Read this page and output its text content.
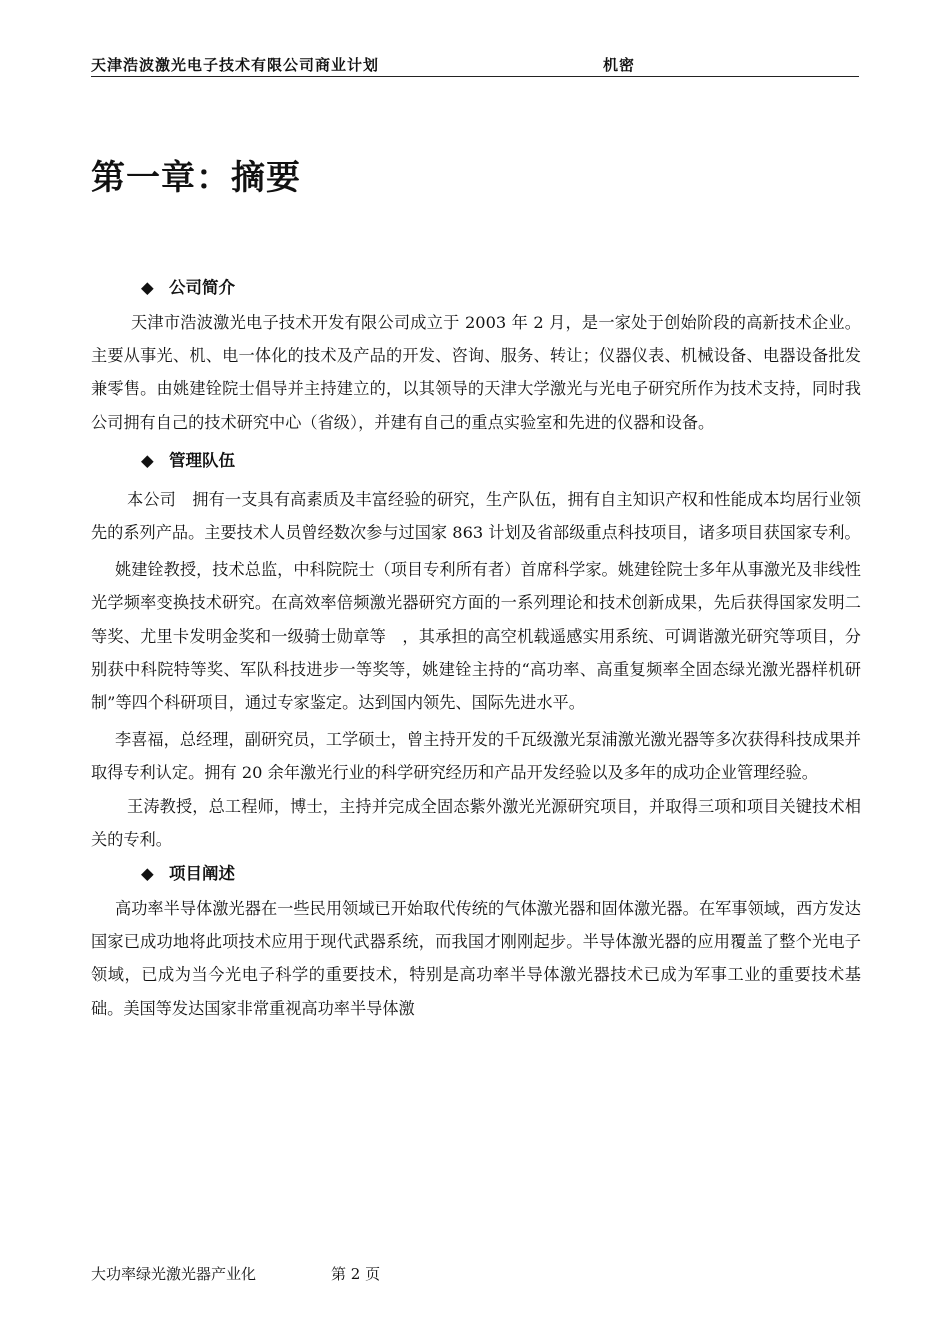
天津浩波激光电子技术有限公司商业计划	机密
第一章：摘要
◆ 公司简介

天津市浩波激光电子技术开发有限公司成立于 2003 年 2 月，是一家处于创始阶段的高新技术企业。主要从事光、机、电一体化的技术及产品的开发、咨询、服务、转让；仪器仪表、机械设备、电器设备批发兼零售。由姚建铨院士倡导并主持建立的，以其领导的天津大学激光与光电子研究所作为技术支持，同时我公司拥有自己的技术研究中心（省级），并建有自己的重点实验室和先进的仪器和设备。

◆ 管理队伍

本公司　拥有一支具有高素质及丰富经验的研究，生产队伍，拥有自主知识产权和性能成本均居行业领先的系列产品。主要技术人员曾经数次参与过国家 863 计划及省部级重点科技项目，诸多项目获国家专利。

姚建铨教授，技术总监，中科院院士（项目专利所有者）首席科学家。姚建铨院士多年从事激光及非线性光学频率变换技术研究。在高效率倍频激光器研究方面的一系列理论和技术创新成果，先后获得国家发明二等奖、尤里卡发明金奖和一级骑士勋章等　，其承担的高空机载遥感实用系统、可调谐激光研究等项目，分别获中科院特等奖、军队科技进步一等奖等，姚建铨主持的“高功率、高重复频率全固态绿光激光器样机研制”等四个科研项目，通过专家鉴定。达到国内领先、国际先进水平。

李喜福，总经理，副研究员，工学硕士，曾主持开发的千瓦级激光泵浦激光激光器等多次获得科技成果并取得专利认定。拥有 20 余年激光行业的科学研究经历和产品开发经验以及多年的成功企业管理经验。

王涛教授，总工程师，博士，主持并完成全固态紫外激光光源研究项目，并取得三项和项目关键技术相关的专利。

◆ 项目阐述

高功率半导体激光器在一些民用领域已开始取代传统的气体激光器和固体激光器。在军事领域，西方发达国家已成功地将此项技术应用于现代武器系统，而我国才刚刚起步。半导体激光器的应用覆盖了整个光电子领域，已成为当今光电子科学的重要技术，特别是高功率半导体激光器技术已成为军事工业的重要技术基础。美国等发达国家非常重视高功率半导体激

大功率绿光激光器产业化	第 2 页
